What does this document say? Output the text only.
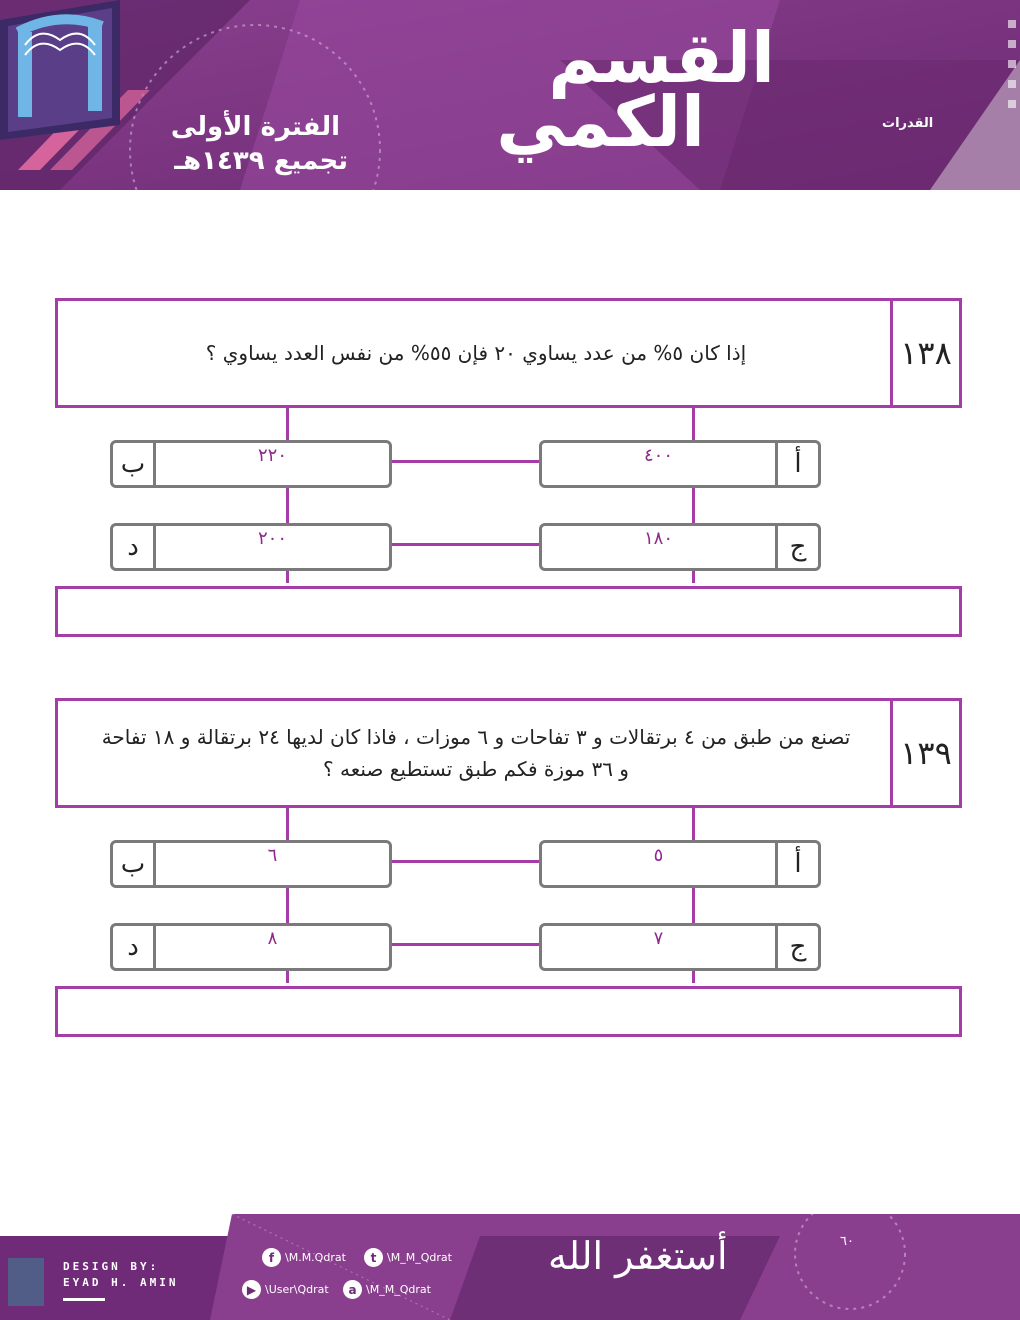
القدرات
القسم
الكمي
الفترة الأولى
تجميع ١٤٣٩هـ
إذا كان ٥% من عدد يساوي ٢٠ فإن ٥٥% من نفس العدد يساوي ؟	١٣٨
٤٠٠	أ
ب	٢٢٠
١٨٠	ج
د	٢٠٠
تصنع من طبق من ٤ برتقالات و ٣ تفاحات و ٦ موزات ، فاذا كان لديها ٢٤ برتقالة و ١٨ تفاحة
و ٣٦ موزة فكم طبق تستطيع صنعه ؟	١٣٩
٥	أ
ب	٦
٧	ج
د	٨
DESIGN BY:
EYAD H. AMIN
f \M.M.Qdrat	t \M_M_Qdrat
▶ \User\Qdrat	a \M_M_Qdrat
أستغفر الله	٦٠
